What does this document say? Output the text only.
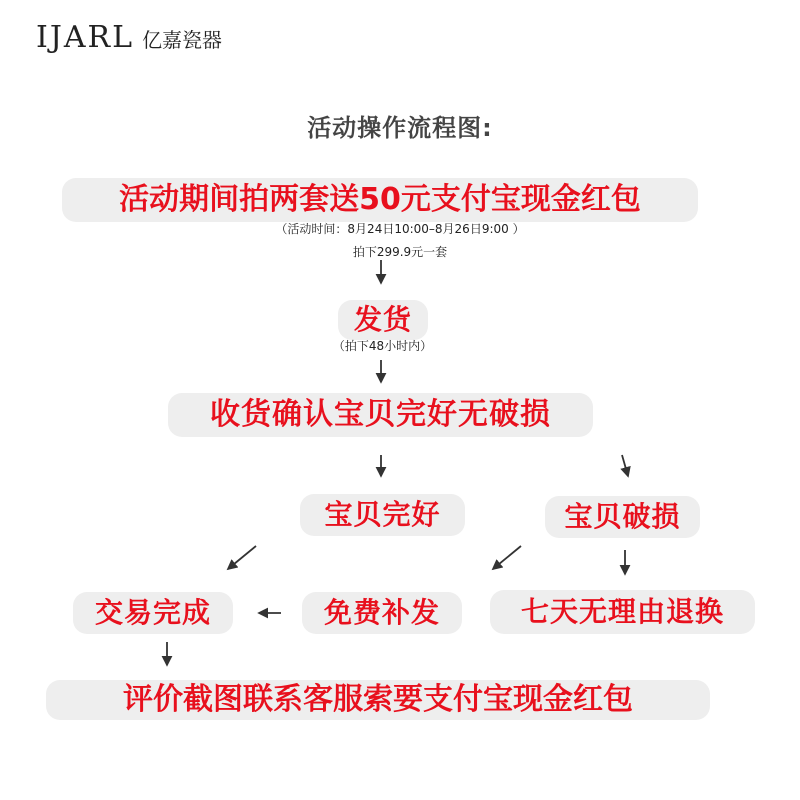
IJARL 亿嘉瓷器
活动操作流程图:
活动期间拍两套送50元支付宝现金红包
（活动时间：8月24日10:00–8月26日9:00 ）
拍下299.9元一套
发货
（拍下48小时内）
收货确认宝贝完好无破损
宝贝完好	宝贝破损
交易完成	免费补发	七天无理由退换
评价截图联系客服索要支付宝现金红包
